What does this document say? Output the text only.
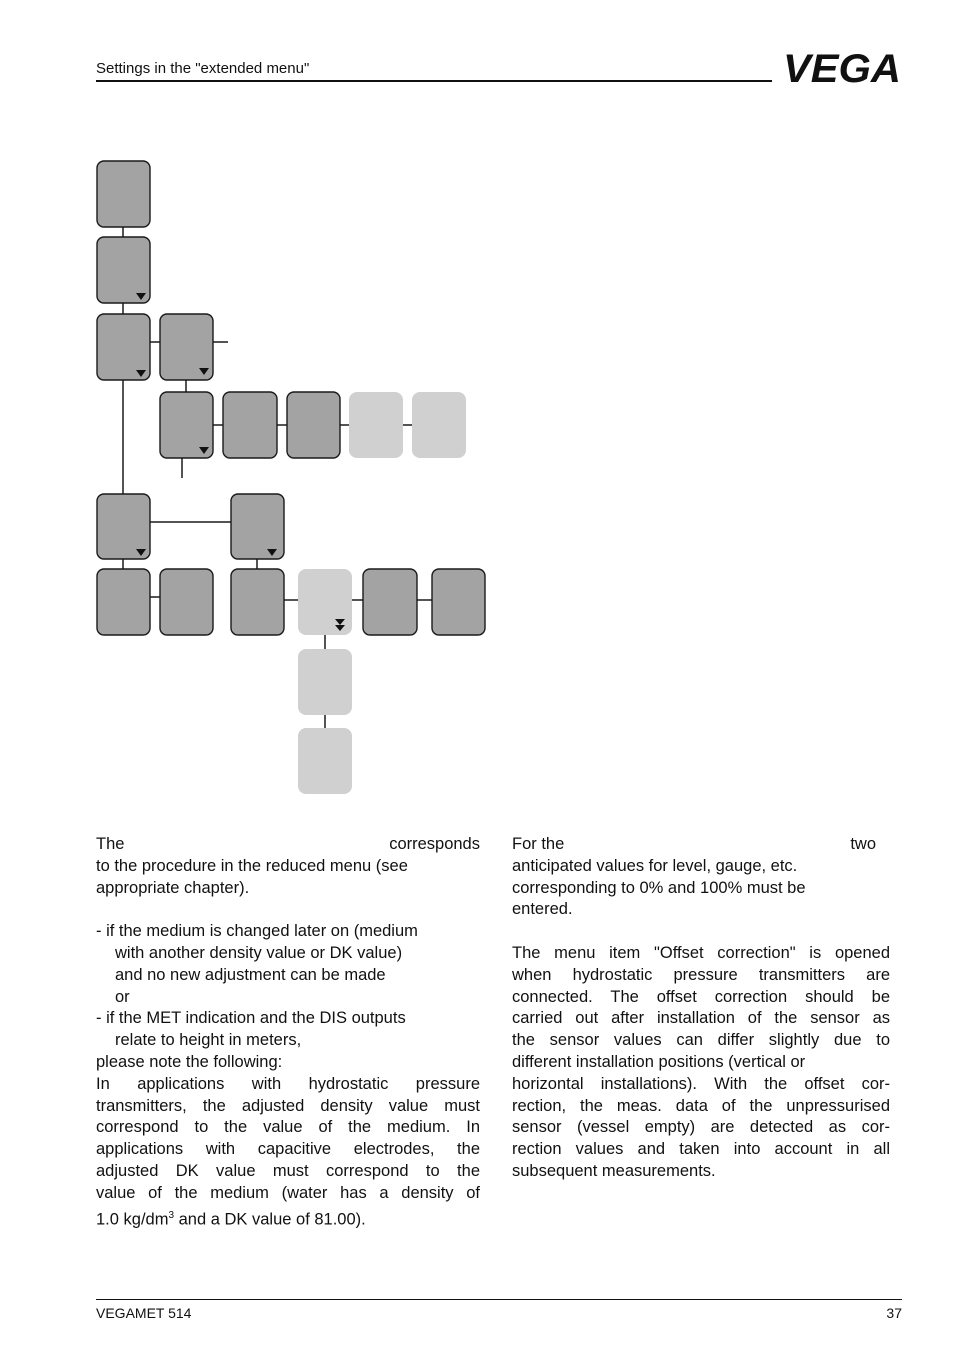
Settings in the "extended menu"	VEGA
The	corresponds
to the procedure in the reduced menu (see
appropriate chapter).
- if the medium is changed later on (medium
with another density value or DK value)
and no new adjustment can be made
or
- if the MET indication and the DIS outputs
relate to height in meters,
please note the following:
In applications with hydrostatic pressure
transmitters, the adjusted density value must
correspond to the value of the medium. In
applications with capacitive electrodes, the
adjusted DK value must correspond to the
value of the medium (water has a density of
1.0 $kg/dm^3$ and a DK value of 81.00).
For the	two
anticipated values for level, gauge, etc.
corresponding to 0% and 100% must be
entered.
The menu item "Offset correction" is opened
when hydrostatic pressure transmitters are
connected. The offset correction should be
carried out after installation of the sensor as
the sensor values can differ slightly due to
different installation positions (vertical or
horizontal installations). With the offset cor-
rection, the meas. data of the unpressurised
sensor (vessel empty) are detected as cor-
rection values and taken into account in all
subsequent measurements.
VEGAMET 514	37
